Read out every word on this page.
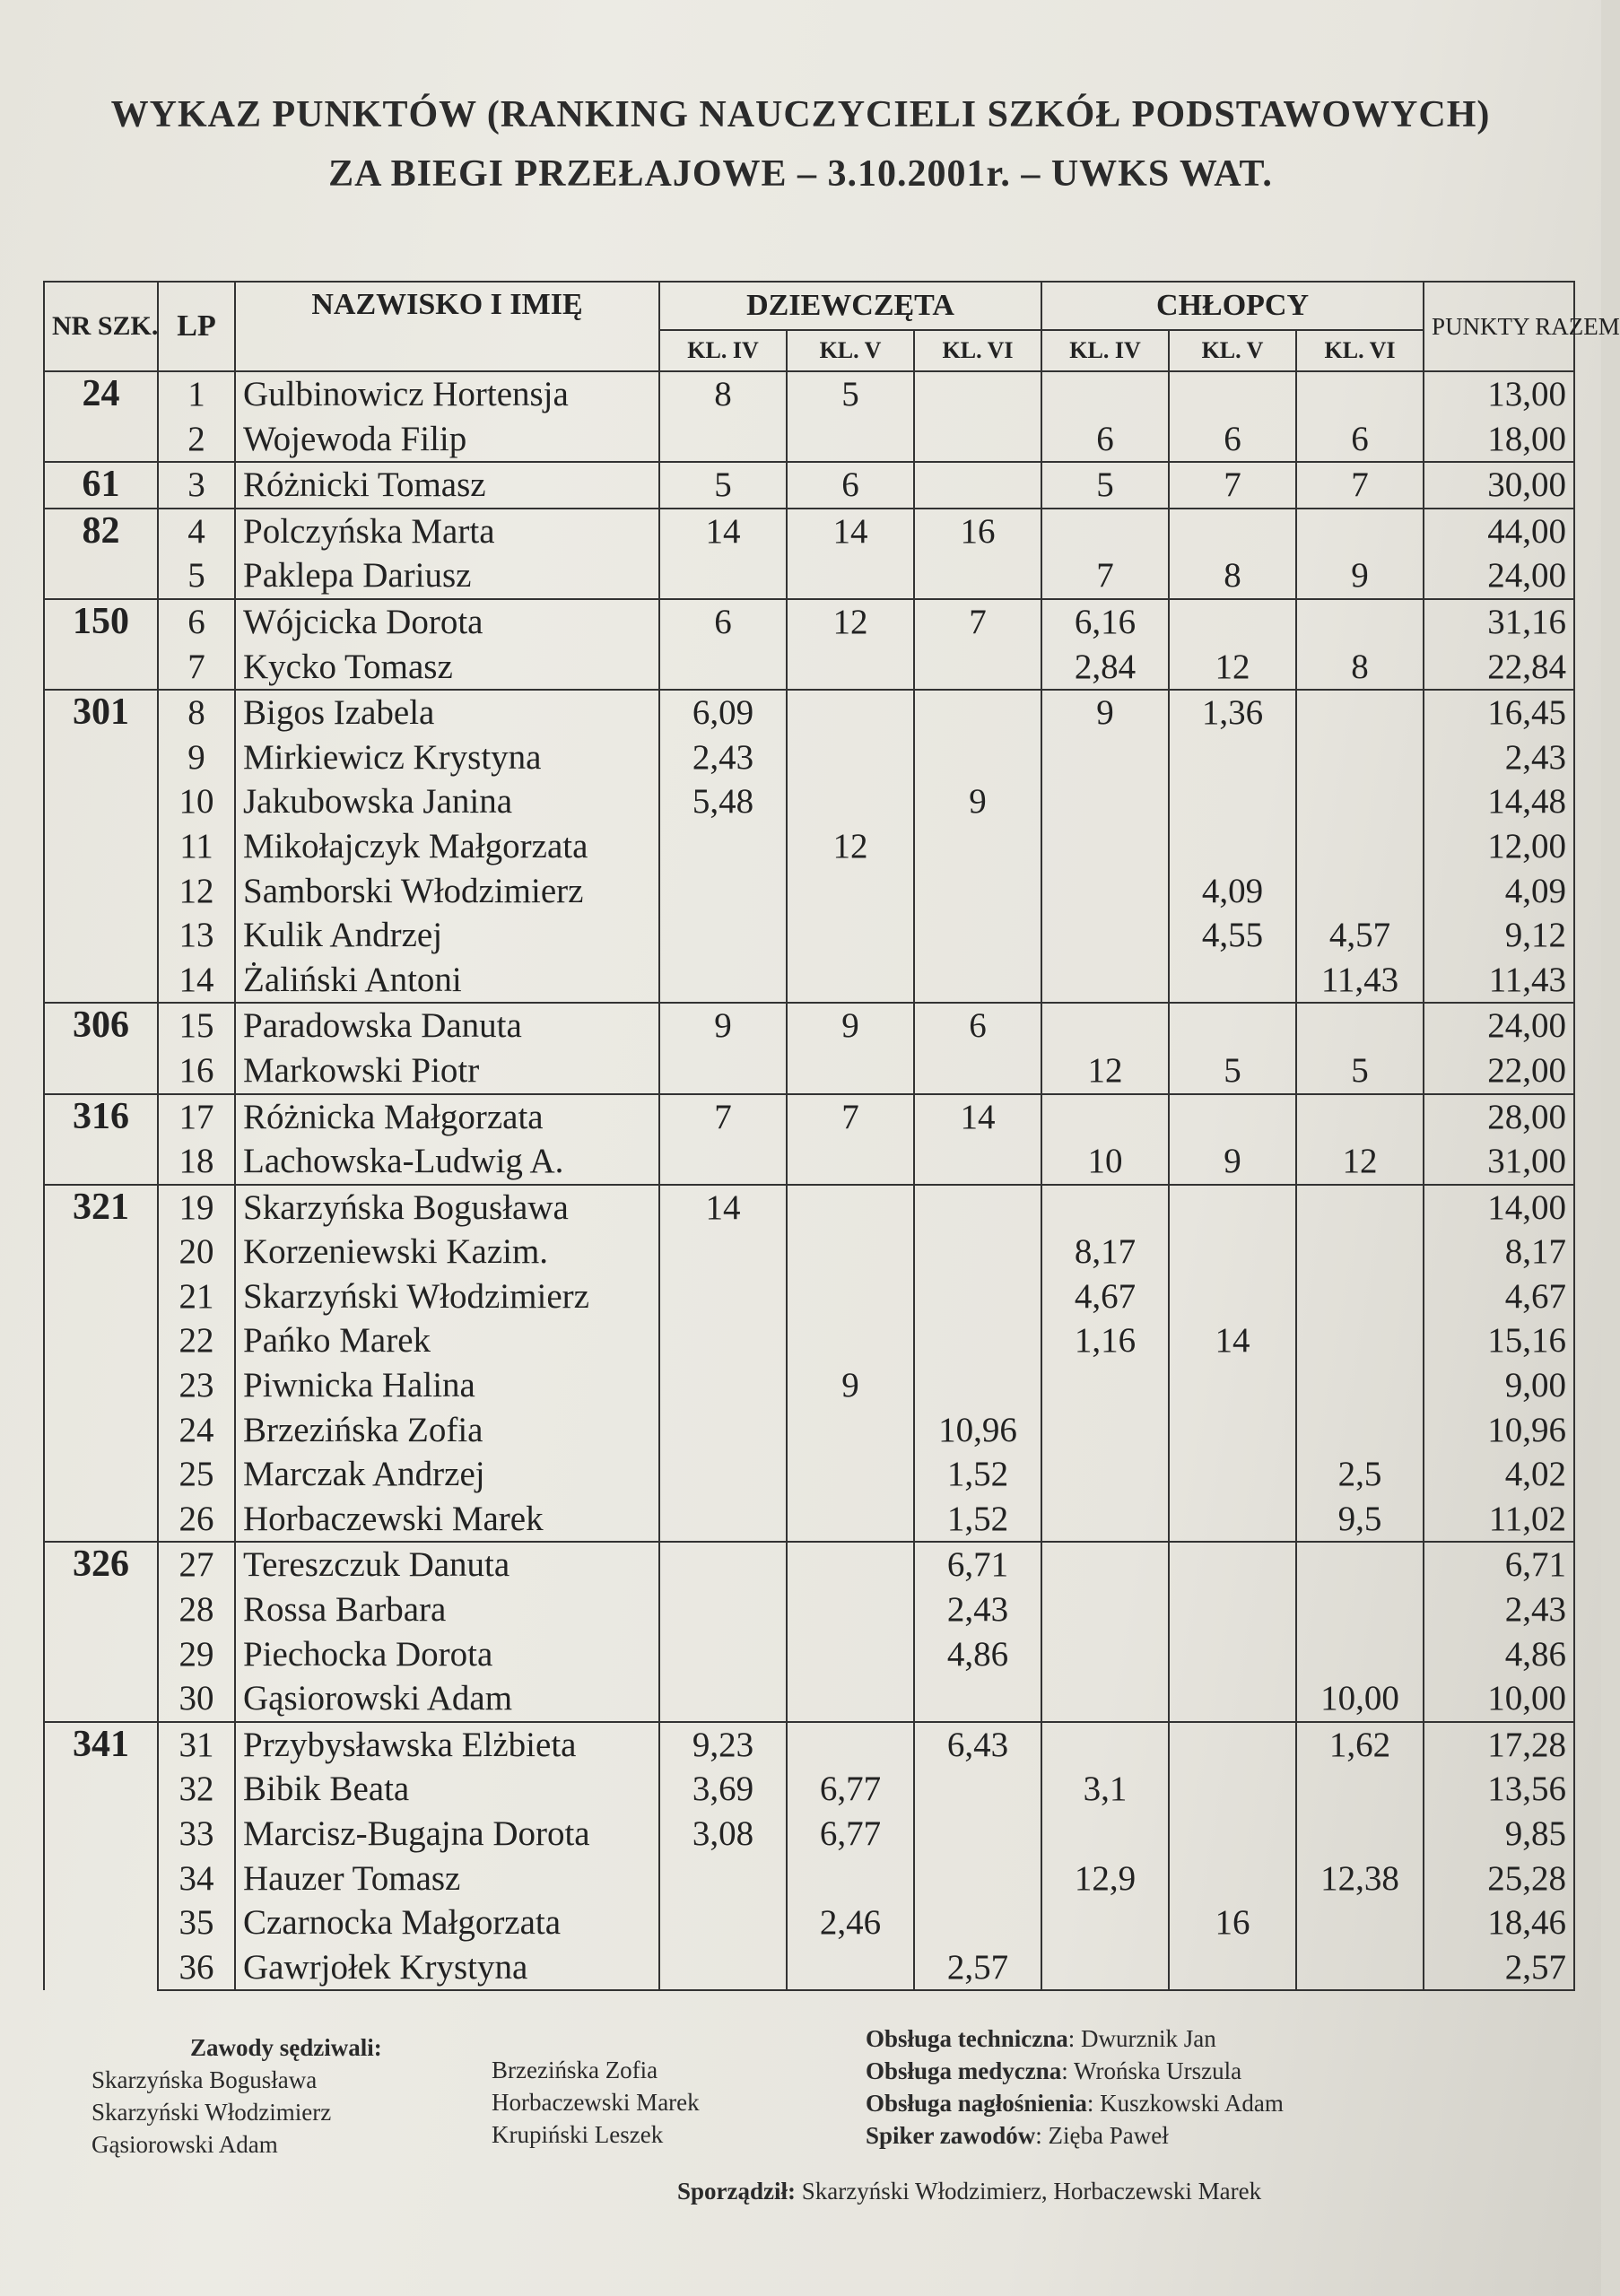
WYKAZ PUNKTÓW (RANKING NAUCZYCIELI SZKÓŁ PODSTAWOWYCH)
ZA BIEGI PRZEŁAJOWE – 3.10.2001r. – UWKS WAT.
NR SZK.	LP	NAZWISKO I IMIĘ	DZIEWCZĘTA			CHŁOPCY			PUNKTY RAZEM
			KL. IV	KL. V	KL. VI	KL. IV	KL. V	KL. VI	
24	1	Gulbinowicz Hortensja	8	5					13,00
	2	Wojewoda Filip				6	6	6	18,00
61	3	Różnicki Tomasz	5	6		5	7	7	30,00
82	4	Polczyńska Marta	14	14	16				44,00
	5	Paklepa Dariusz				7	8	9	24,00
150	6	Wójcicka Dorota	6	12	7	6,16			31,16
	7	Kycko Tomasz				2,84	12	8	22,84
301	8	Bigos Izabela	6,09			9	1,36		16,45
	9	Mirkiewicz Krystyna	2,43						2,43
	10	Jakubowska Janina	5,48		9				14,48
	11	Mikołajczyk Małgorzata		12					12,00
	12	Samborski Włodzimierz					4,09		4,09
	13	Kulik Andrzej					4,55	4,57	9,12
	14	Żaliński Antoni						11,43	11,43
306	15	Paradowska Danuta	9	9	6				24,00
	16	Markowski Piotr				12	5	5	22,00
316	17	Różnicka Małgorzata	7	7	14				28,00
	18	Lachowska-Ludwig A.				10	9	12	31,00
321	19	Skarzyńska Bogusława	14						14,00
	20	Korzeniewski Kazim.				8,17			8,17
	21	Skarzyński Włodzimierz				4,67			4,67
	22	Pańko Marek				1,16	14		15,16
	23	Piwnicka Halina		9					9,00
	24	Brzezińska Zofia			10,96				10,96
	25	Marczak Andrzej			1,52			2,5	4,02
	26	Horbaczewski Marek			1,52			9,5	11,02
326	27	Tereszczuk Danuta			6,71				6,71
	28	Rossa Barbara			2,43				2,43
	29	Piechocka Dorota			4,86				4,86
	30	Gąsiorowski Adam						10,00	10,00
341	31	Przybysławska Elżbieta	9,23		6,43			1,62	17,28
	32	Bibik Beata	3,69	6,77		3,1			13,56
	33	Marcisz-Bugajna Dorota	3,08	6,77					9,85
	34	Hauzer Tomasz				12,9		12,38	25,28
	35	Czarnocka Małgorzata		2,46			16		18,46
	36	Gawrjołek Krystyna			2,57				2,57
Zawody sędziwali:
Skarzyńska Bogusława
Skarzyński Włodzimierz
Gąsiorowski Adam
Brzezińska Zofia
Horbaczewski Marek
Krupiński Leszek
Obsługa techniczna: Dwurznik Jan
Obsługa medyczna: Wrońska Urszula
Obsługa nagłośnienia: Kuszkowski Adam
Spiker zawodów: Zięba Paweł
Sporządził: Skarzyński Włodzimierz, Horbaczewski Marek
